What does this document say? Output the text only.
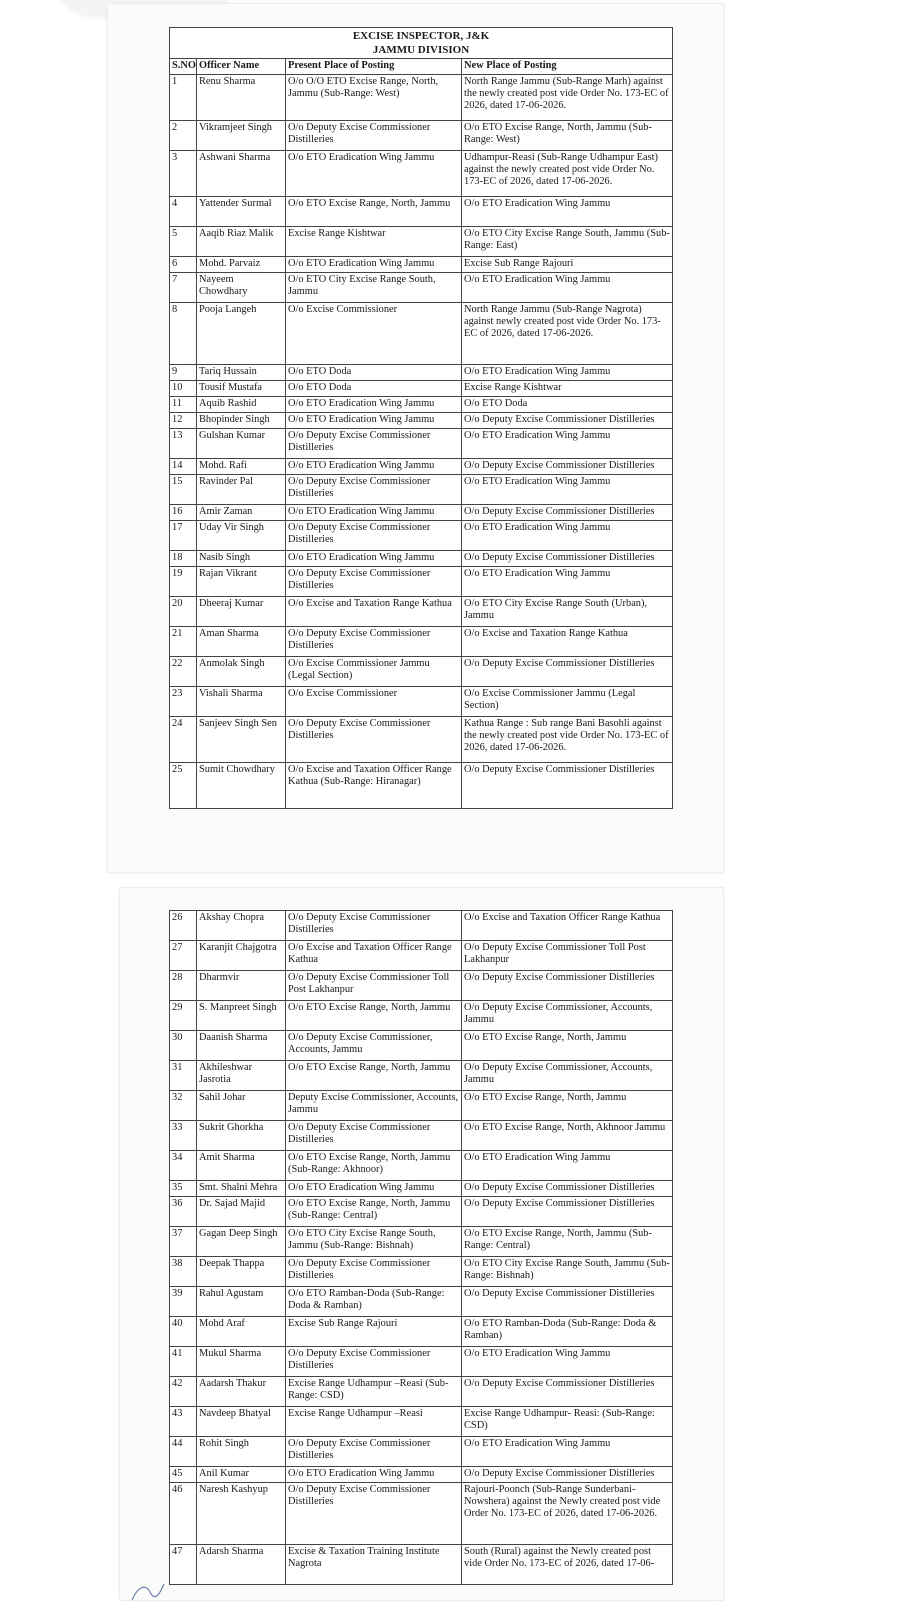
EXCISE INSPECTOR, J&K
JAMMU DIVISION			

S.NO	Officer Name	Present Place of Posting	New Place of Posting
1	Renu Sharma	O/o O/O ETO Excise Range, North, Jammu (Sub-Range: West)	North Range Jammu (Sub-Range Marh) against the newly created post vide Order No. 173-EC of 2026, dated 17-06-2026.
2	Vikramjeet Singh	O/o Deputy Excise Commissioner Distilleries	O/o ETO Excise Range, North, Jammu (Sub-Range: West)
3	Ashwani Sharma	O/o ETO Eradication Wing Jammu	Udhampur-Reasi (Sub-Range Udhampur East) against the newly created post vide Order No. 173-EC of 2026, dated 17-06-2026.
4	Yattender Surmal	O/o ETO Excise Range, North, Jammu	O/o ETO Eradication Wing Jammu
5	Aaqib Riaz Malik	Excise Range Kishtwar	O/o ETO City Excise Range South, Jammu (Sub-Range: East)
6	Mohd. Parvaiz	O/o ETO Eradication Wing Jammu	Excise Sub Range Rajouri
7	Nayeem Chowdhary	O/o ETO City Excise Range South, Jammu	O/o ETO Eradication Wing Jammu
8	Pooja Langeh	O/o Excise Commissioner	North Range Jammu (Sub-Range Nagrota) against newly created post vide Order No. 173-EC of 2026, dated 17-06-2026.
9	Tariq Hussain	O/o ETO Doda	O/o ETO Eradication Wing Jammu
10	Tousif Mustafa	O/o ETO Doda	Excise Range Kishtwar
11	Aquib Rashid	O/o ETO Eradication Wing Jammu	O/o ETO Doda
12	Bhopinder Singh	O/o ETO Eradication Wing Jammu	O/o Deputy Excise Commissioner Distilleries
13	Gulshan Kumar	O/o Deputy Excise Commissioner Distilleries	O/o ETO Eradication Wing Jammu
14	Mohd. Rafi	O/o ETO Eradication Wing Jammu	O/o Deputy Excise Commissioner Distilleries
15	Ravinder Pal	O/o Deputy Excise Commissioner Distilleries	O/o ETO Eradication Wing Jammu
16	Amir Zaman	O/o ETO Eradication Wing Jammu	O/o Deputy Excise Commissioner Distilleries
17	Uday Vir Singh	O/o Deputy Excise Commissioner Distilleries	O/o ETO Eradication Wing Jammu
18	Nasib Singh	O/o ETO Eradication Wing Jammu	O/o Deputy Excise Commissioner Distilleries
19	Rajan Vikrant	O/o Deputy Excise Commissioner Distilleries	O/o ETO Eradication Wing Jammu
20	Dheeraj Kumar	O/o Excise and Taxation Range Kathua	O/o ETO City Excise Range South (Urban), Jammu
21	Aman Sharma	O/o Deputy Excise Commissioner Distilleries	O/o Excise and Taxation Range Kathua
22	Anmolak Singh	O/o Excise Commissioner Jammu (Legal Section)	O/o Deputy Excise Commissioner Distilleries
23	Vishali Sharma	O/o Excise Commissioner	O/o Excise Commissioner Jammu (Legal Section)
24	Sanjeev Singh Sen	O/o Deputy Excise Commissioner Distilleries	Kathua Range : Sub range Bani Basohli against the newly created post vide Order No. 173-EC of 2026, dated 17-06-2026.
25	Sumit Chowdhary	O/o Excise and Taxation Officer Range Kathua (Sub-Range: Hiranagar)	O/o Deputy Excise Commissioner Distilleries
26	Akshay Chopra	O/o Deputy Excise Commissioner Distilleries	O/o Excise and Taxation Officer Range Kathua
27	Karanjit Chajgotra	O/o Excise and Taxation Officer Range Kathua	O/o Deputy Excise Commissioner Toll Post Lakhanpur
28	Dharmvir	O/o Deputy Excise Commissioner Toll Post Lakhanpur	O/o Deputy Excise Commissioner Distilleries
29	S. Manpreet Singh	O/o ETO Excise Range, North, Jammu	O/o Deputy Excise Commissioner, Accounts, Jammu
30	Daanish Sharma	O/o Deputy Excise Commissioner, Accounts, Jammu	O/o ETO Excise Range, North, Jammu
31	Akhileshwar Jasrotia	O/o ETO Excise Range, North, Jammu	O/o Deputy Excise Commissioner, Accounts, Jammu
32	Sahil Johar	Deputy Excise Commissioner, Accounts, Jammu	O/o ETO Excise Range, North, Jammu
33	Sukrit Ghorkha	O/o Deputy Excise Commissioner Distilleries	O/o ETO Excise Range, North, Akhnoor Jammu
34	Amit Sharma	O/o ETO Excise Range, North, Jammu (Sub-Range: Akhnoor)	O/o ETO Eradication Wing Jammu
35	Smt. Shalni Mehra	O/o ETO Eradication Wing Jammu	O/o Deputy Excise Commissioner Distilleries
36	Dr. Sajad Majid	O/o ETO Excise Range, North, Jammu (Sub-Range: Central)	O/o Deputy Excise Commissioner Distilleries
37	Gagan Deep Singh	O/o ETO City Excise Range South, Jammu (Sub-Range: Bishnah)	O/o ETO Excise Range, North, Jammu (Sub-Range: Central)
38	Deepak Thappa	O/o Deputy Excise Commissioner Distilleries	O/o ETO City Excise Range South, Jammu (Sub-Range: Bishnah)
39	Rahul Agustam	O/o ETO Ramban-Doda (Sub-Range: Doda & Ramban)	O/o Deputy Excise Commissioner Distilleries
40	Mohd Araf	Excise Sub Range Rajouri	O/o ETO Ramban-Doda (Sub-Range: Doda & Ramban)
41	Mukul Sharma	O/o Deputy Excise Commissioner Distilleries	O/o ETO Eradication Wing Jammu
42	Aadarsh Thakur	Excise Range Udhampur –Reasi (Sub-Range: CSD)	O/o Deputy Excise Commissioner Distilleries
43	Navdeep Bhatyal	Excise Range Udhampur –Reasi	Excise Range Udhampur- Reasi: (Sub-Range: CSD)
44	Rohit Singh	O/o Deputy Excise Commissioner Distilleries	O/o ETO Eradication Wing Jammu
45	Anil Kumar	O/o ETO Eradication Wing Jammu	O/o Deputy Excise Commissioner Distilleries
46	Naresh Kashyup	O/o Deputy Excise Commissioner Distilleries	Rajouri-Poonch (Sub-Range Sunderbani-Nowshera) against the Newly created post vide Order No. 173-EC of 2026, dated 17-06-2026.
47	Adarsh Sharma	Excise & Taxation Training Institute Nagrota	South (Rural) against the Newly created post vide Order No. 173-EC of 2026, dated 17-06-
